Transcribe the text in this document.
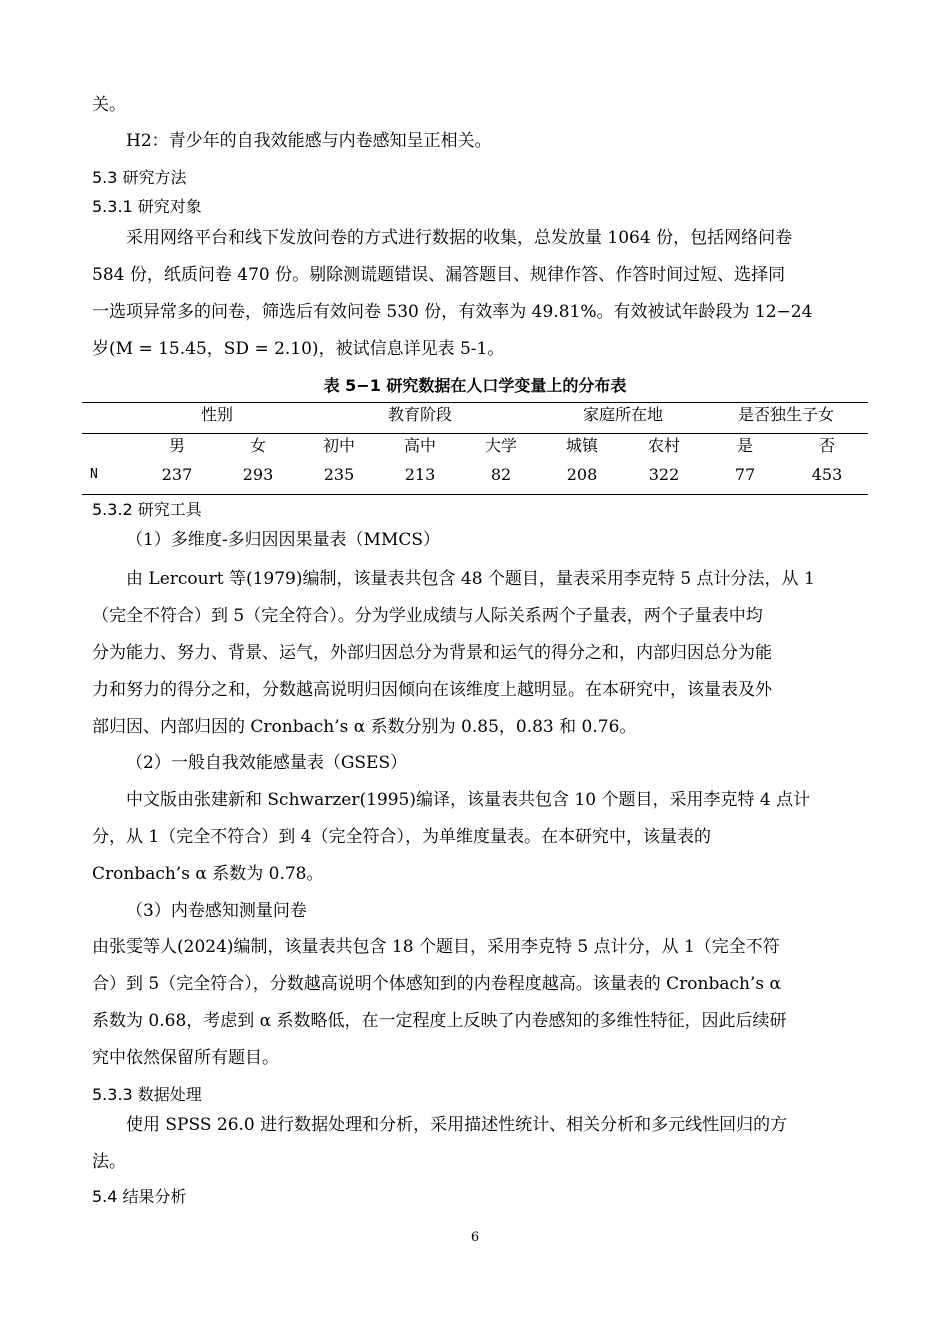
关。
H2：青少年的自我效能感与内卷感知呈正相关。
5.3 研究方法
5.3.1 研究对象
采用网络平台和线下发放问卷的方式进行数据的收集，总发放量 1064 份，包括网络问卷
584 份，纸质问卷 470 份。剔除测谎题错误、漏答题目、规律作答、作答时间过短、选择同
一选项异常多的问卷，筛选后有效问卷 530 份，有效率为 49.81%。有效被试年龄段为 12−24
岁(M = 15.45，SD = 2.10)，被试信息详见表 5-1。
表 5−1 研究数据在人口学变量上的分布表
性别	教育阶段	家庭所在地	是否独生子女
男	女	初中	高中	大学	城镇	农村	是	否
N	237	293	235	213	82	208	322	77	453
5.3.2 研究工具
（1）多维度-多归因因果量表（MMCS）
由 Lercourt 等(1979)编制，该量表共包含 48 个题目，量表采用李克特 5 点计分法，从 1
（完全不符合）到 5（完全符合）。分为学业成绩与人际关系两个子量表，两个子量表中均
分为能力、努力、背景、运气，外部归因总分为背景和运气的得分之和，内部归因总分为能
力和努力的得分之和，分数越高说明归因倾向在该维度上越明显。在本研究中，该量表及外
部归因、内部归因的 Cronbach’s α 系数分别为 0.85，0.83 和 0.76。
（2）一般自我效能感量表（GSES）
中文版由张建新和 Schwarzer(1995)编译，该量表共包含 10 个题目，采用李克特 4 点计
分，从 1（完全不符合）到 4（完全符合），为单维度量表。在本研究中，该量表的
Cronbach’s α 系数为 0.78。
（3）内卷感知测量问卷
由张雯等人(2024)编制，该量表共包含 18 个题目，采用李克特 5 点计分，从 1（完全不符
合）到 5（完全符合），分数越高说明个体感知到的内卷程度越高。该量表的 Cronbach’s α
系数为 0.68，考虑到 α 系数略低，在一定程度上反映了内卷感知的多维性特征，因此后续研
究中依然保留所有题目。
5.3.3 数据处理
使用 SPSS 26.0 进行数据处理和分析，采用描述性统计、相关分析和多元线性回归的方
法。
5.4 结果分析
6
